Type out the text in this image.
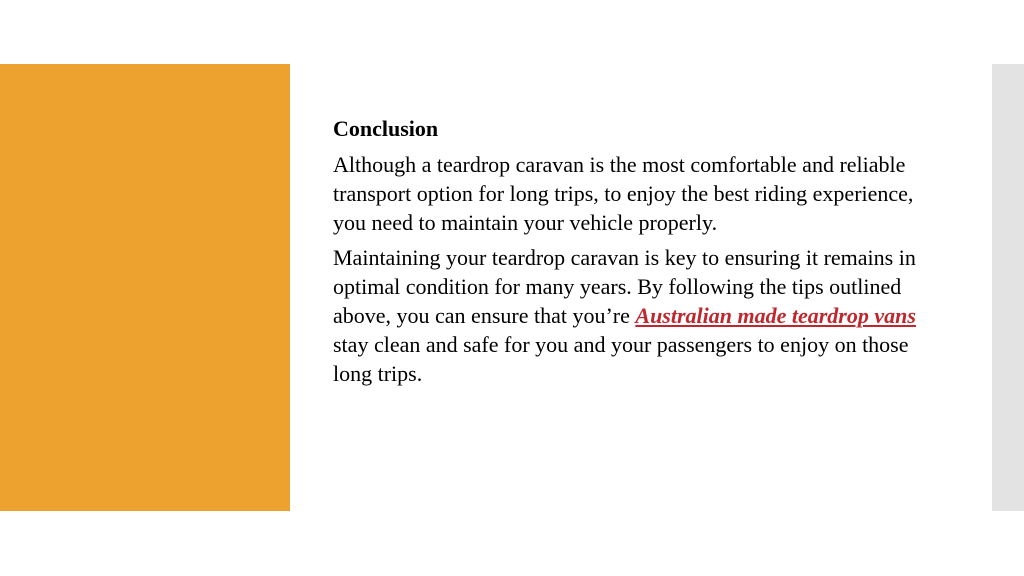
Conclusion

Although a teardrop caravan is the most comfortable and reliable transport option for long trips, to enjoy the best riding experience, you need to maintain your vehicle properly.

Maintaining your teardrop caravan is key to ensuring it remains in optimal condition for many years. By following the tips outlined above, you can ensure that you’re Australian made teardrop vans stay clean and safe for you and your passengers to enjoy on those long trips.
